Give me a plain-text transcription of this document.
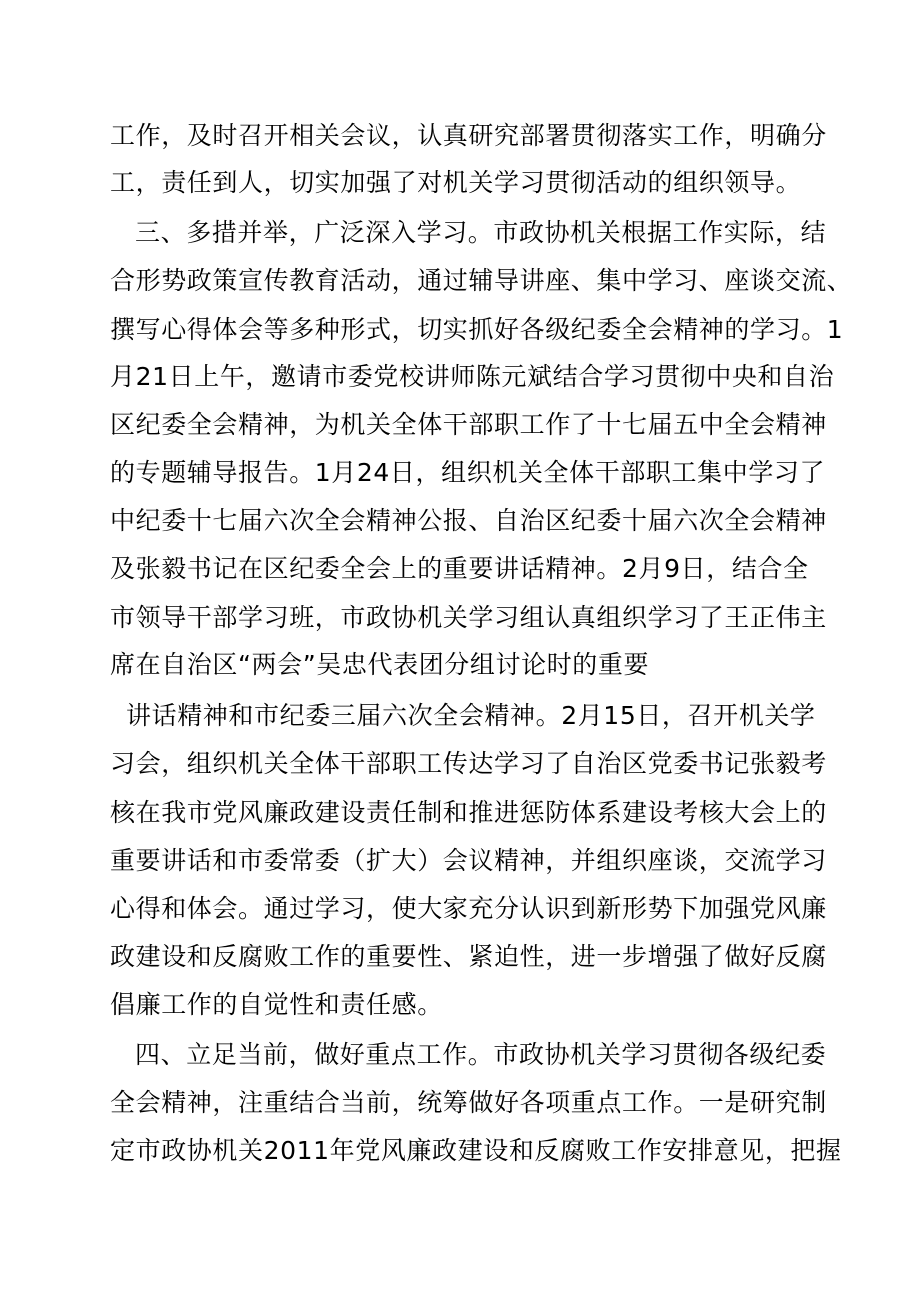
工作，及时召开相关会议，认真研究部署贯彻落实工作，明确分
工，责任到人，切实加强了对机关学习贯彻活动的组织领导。
三、多措并举，广泛深入学习。市政协机关根据工作实际，结
合形势政策宣传教育活动，通过辅导讲座、集中学习、座谈交流、
撰写心得体会等多种形式，切实抓好各级纪委全会精神的学习。1
月21日上午，邀请市委党校讲师陈元斌结合学习贯彻中央和自治
区纪委全会精神，为机关全体干部职工作了十七届五中全会精神
的专题辅导报告。1月24日，组织机关全体干部职工集中学习了
中纪委十七届六次全会精神公报、自治区纪委十届六次全会精神
及张毅书记在区纪委全会上的重要讲话精神。2月9日，结合全
市领导干部学习班，市政协机关学习组认真组织学习了王正伟主
席在自治区“两会”吴忠代表团分组讨论时的重要
讲话精神和市纪委三届六次全会精神。2月15日，召开机关学
习会，组织机关全体干部职工传达学习了自治区党委书记张毅考
核在我市党风廉政建设责任制和推进惩防体系建设考核大会上的
重要讲话和市委常委（扩大）会议精神，并组织座谈，交流学习
心得和体会。通过学习，使大家充分认识到新形势下加强党风廉
政建设和反腐败工作的重要性、紧迫性，进一步增强了做好反腐
倡廉工作的自觉性和责任感。
四、立足当前，做好重点工作。市政协机关学习贯彻各级纪委
全会精神，注重结合当前，统筹做好各项重点工作。一是研究制
定市政协机关2011年党风廉政建设和反腐败工作安排意见，把握
